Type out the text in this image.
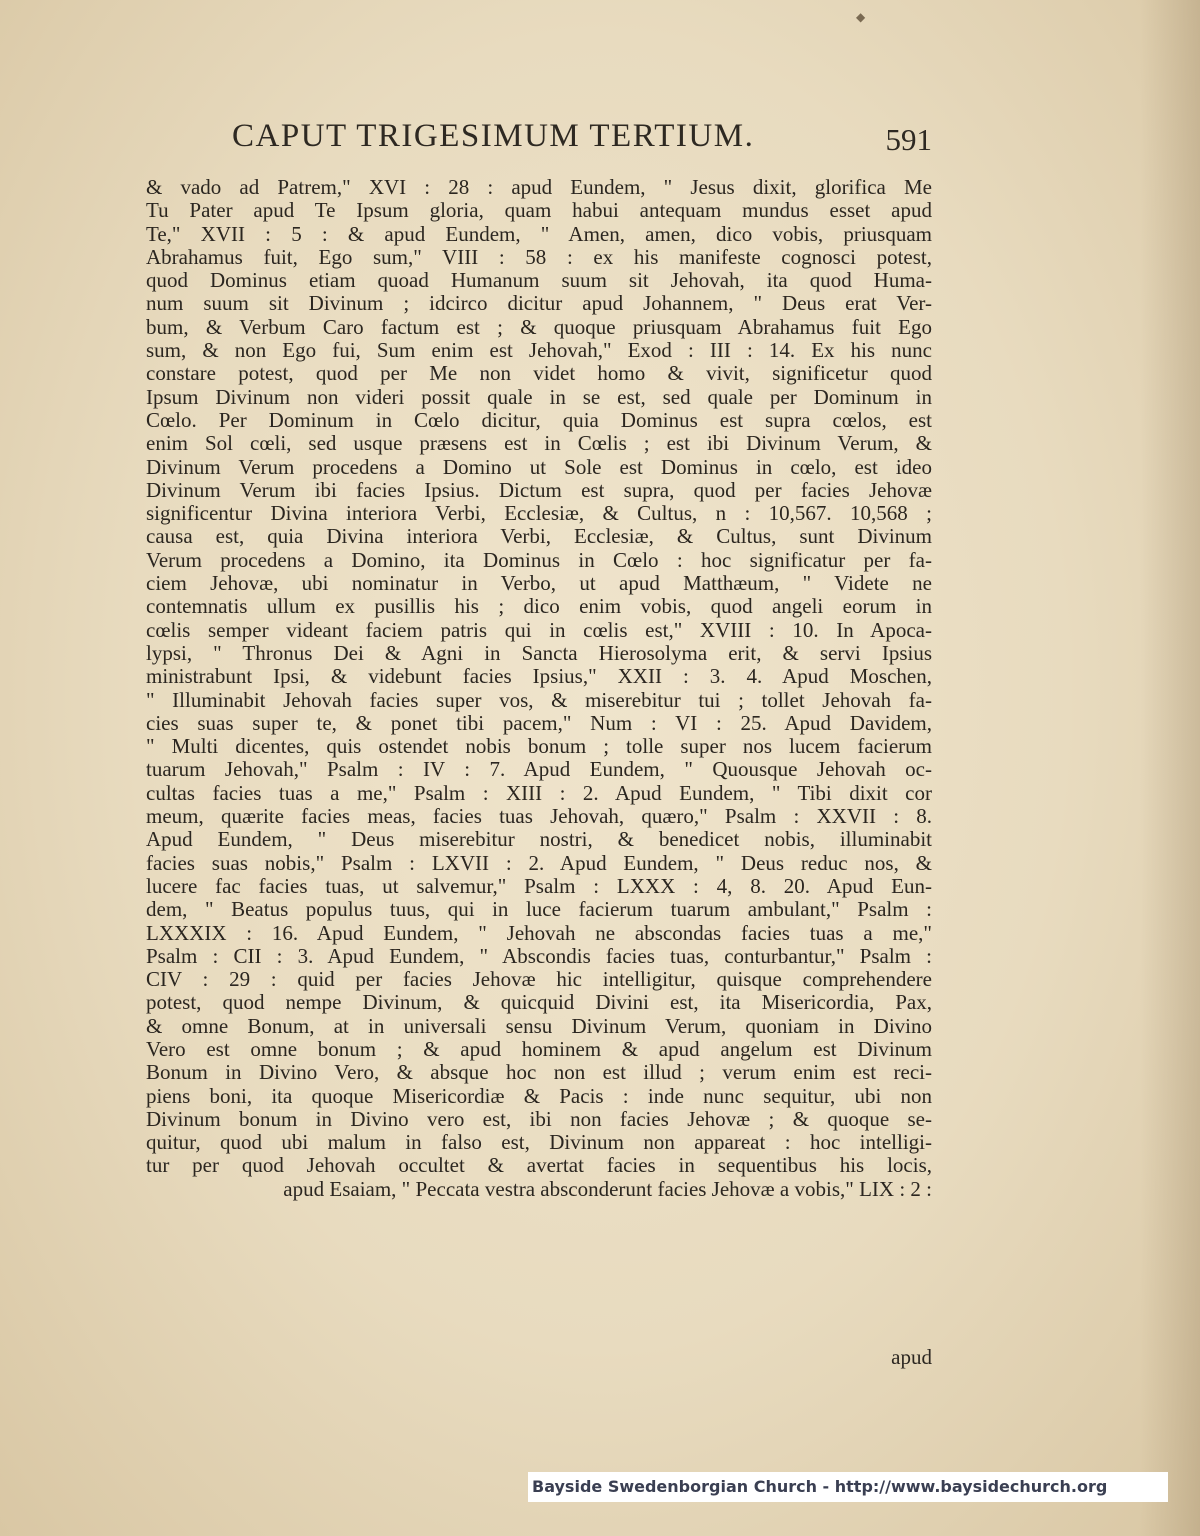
◆
CAPUT TRIGESIMUM TERTIUM.	591
& vado ad Patrem," XVI : 28 : apud Eundem, " Jesus dixit, glorifica Me
Tu Pater apud Te Ipsum gloria, quam habui antequam mundus esset apud
Te," XVII : 5 : & apud Eundem, " Amen, amen, dico vobis, priusquam
Abrahamus fuit, Ego sum," VIII : 58 : ex his manifeste cognosci potest,
quod Dominus etiam quoad Humanum suum sit Jehovah, ita quod Huma-
num suum sit Divinum ; idcirco dicitur apud Johannem, " Deus erat Ver-
bum, & Verbum Caro factum est ; & quoque priusquam Abrahamus fuit Ego
sum, & non Ego fui, Sum enim est Jehovah," Exod : III : 14. Ex his nunc
constare potest, quod per Me non videt homo & vivit, significetur quod
Ipsum Divinum non videri possit quale in se est, sed quale per Dominum in
Cœlo. Per Dominum in Cœlo dicitur, quia Dominus est supra cœlos, est
enim Sol cœli, sed usque præsens est in Cœlis ; est ibi Divinum Verum, &
Divinum Verum procedens a Domino ut Sole est Dominus in cœlo, est ideo
Divinum Verum ibi facies Ipsius. Dictum est supra, quod per facies Jehovæ
significentur Divina interiora Verbi, Ecclesiæ, & Cultus, n : 10,567. 10,568 ;
causa est, quia Divina interiora Verbi, Ecclesiæ, & Cultus, sunt Divinum
Verum procedens a Domino, ita Dominus in Cœlo : hoc significatur per fa-
ciem Jehovæ, ubi nominatur in Verbo, ut apud Matthæum, " Videte ne
contemnatis ullum ex pusillis his ; dico enim vobis, quod angeli eorum in
cœlis semper videant faciem patris qui in cœlis est," XVIII : 10. In Apoca-
lypsi, " Thronus Dei & Agni in Sancta Hierosolyma erit, & servi Ipsius
ministrabunt Ipsi, & videbunt facies Ipsius," XXII : 3. 4. Apud Moschen,
" Illuminabit Jehovah facies super vos, & miserebitur tui ; tollet Jehovah fa-
cies suas super te, & ponet tibi pacem," Num : VI : 25. Apud Davidem,
" Multi dicentes, quis ostendet nobis bonum ; tolle super nos lucem facierum
tuarum Jehovah," Psalm : IV : 7. Apud Eundem, " Quousque Jehovah oc-
cultas facies tuas a me," Psalm : XIII : 2. Apud Eundem, " Tibi dixit cor
meum, quærite facies meas, facies tuas Jehovah, quæro," Psalm : XXVII : 8.
Apud Eundem, " Deus miserebitur nostri, & benedicet nobis, illuminabit
facies suas nobis," Psalm : LXVII : 2. Apud Eundem, " Deus reduc nos, &
lucere fac facies tuas, ut salvemur," Psalm : LXXX : 4, 8. 20. Apud Eun-
dem, " Beatus populus tuus, qui in luce facierum tuarum ambulant," Psalm :
LXXXIX : 16. Apud Eundem, " Jehovah ne abscondas facies tuas a me,"
Psalm : CII : 3. Apud Eundem, " Abscondis facies tuas, conturbantur," Psalm :
CIV : 29 : quid per facies Jehovæ hic intelligitur, quisque comprehendere
potest, quod nempe Divinum, & quicquid Divini est, ita Misericordia, Pax,
& omne Bonum, at in universali sensu Divinum Verum, quoniam in Divino
Vero est omne bonum ; & apud hominem & apud angelum est Divinum
Bonum in Divino Vero, & absque hoc non est illud ; verum enim est reci-
piens boni, ita quoque Misericordiæ & Pacis : inde nunc sequitur, ubi non
Divinum bonum in Divino vero est, ibi non facies Jehovæ ; & quoque se-
quitur, quod ubi malum in falso est, Divinum non appareat : hoc intelligi-
tur per quod Jehovah occultet & avertat facies in sequentibus his locis,
apud Esaiam, " Peccata vestra absconderunt facies Jehovæ a vobis," LIX : 2 :
apud
Bayside Swedenborgian Church - http://www.baysidechurch.org
